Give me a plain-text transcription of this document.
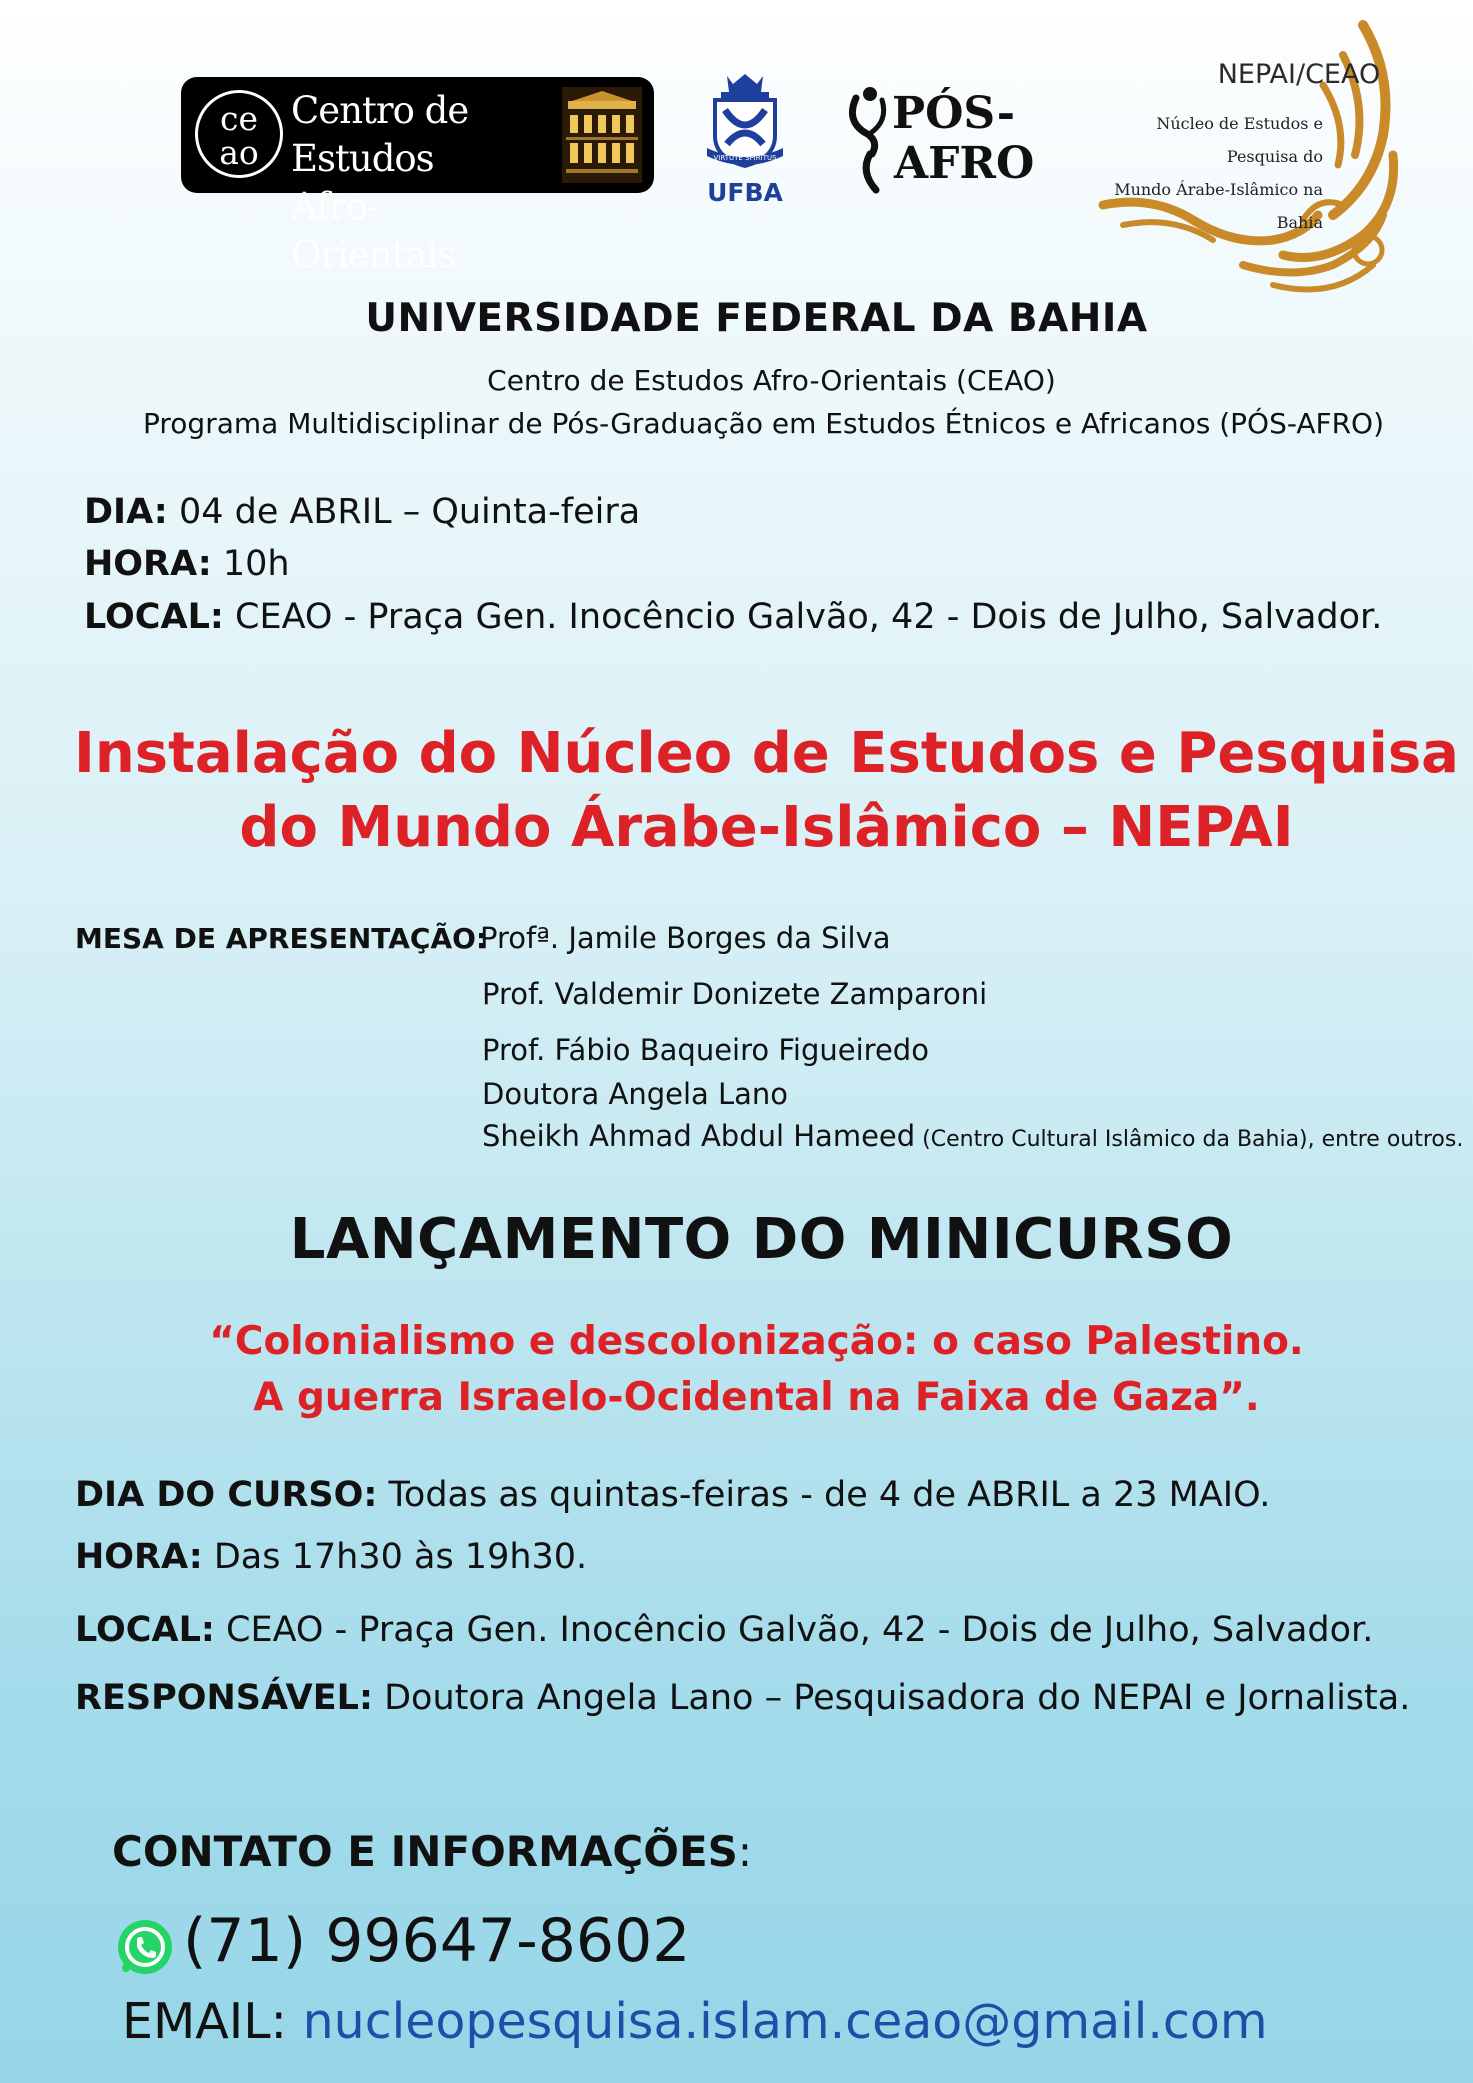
ce
ao
Centro de Estudos
Afro-Orientais
VIRTUTE SPIRITUS
UFBA
PÓS-
AFRO
NEPAI/CEAO
Núcleo de Estudos e Pesquisa do
Mundo Árabe-Islâmico na Bahia
UNIVERSIDADE FEDERAL DA BAHIA
Centro de Estudos Afro-Orientais (CEAO)
Programa Multidisciplinar de Pós-Graduação em Estudos Étnicos e Africanos (PÓS-AFRO)
DIA: 04 de ABRIL – Quinta-feira
HORA: 10h
LOCAL: CEAO - Praça Gen. Inocêncio Galvão, 42 - Dois de Julho, Salvador.
Instalação do Núcleo de Estudos e Pesquisa
do Mundo Árabe-Islâmico – NEPAI
MESA DE APRESENTAÇÃO:
Profª. Jamile Borges da Silva
Prof. Valdemir Donizete Zamparoni
Prof. Fábio Baqueiro Figueiredo
Doutora Angela Lano
Sheikh Ahmad Abdul Hameed (Centro Cultural Islâmico da Bahia), entre outros.
LANÇAMENTO DO MINICURSO
“Colonialismo e descolonização: o caso Palestino.
A guerra Israelo-Ocidental na Faixa de Gaza”.
DIA DO CURSO: Todas as quintas-feiras - de 4 de ABRIL a 23 MAIO.
HORA: Das 17h30 às 19h30.
LOCAL: CEAO - Praça Gen. Inocêncio Galvão, 42 - Dois de Julho, Salvador.
RESPONSÁVEL: Doutora Angela Lano – Pesquisadora do NEPAI e Jornalista.
CONTATO E INFORMAÇÕES:
(71) 99647-8602
EMAIL: nucleopesquisa.islam.ceao@gmail.com
